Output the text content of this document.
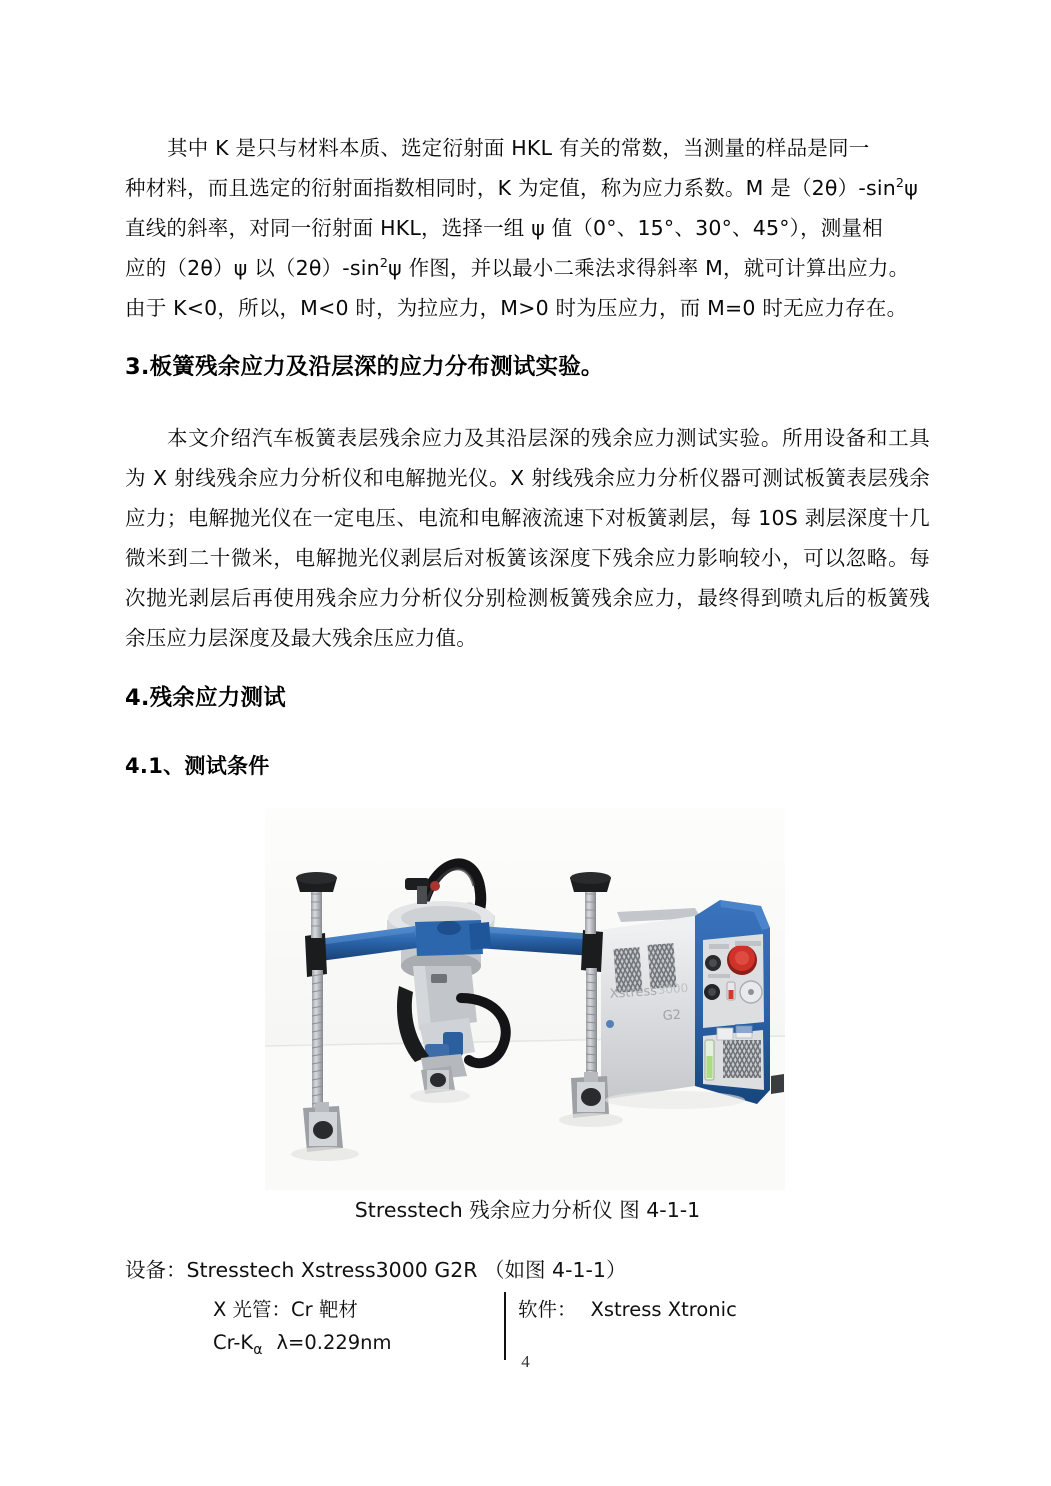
其中 K 是只与材料本质、选定衍射面 HKL 有关的常数，当测量的样品是同一

种材料，而且选定的衍射面指数相同时，K 为定值，称为应力系数。M 是$(2\theta)-\sin^2\psi$

直线的斜率，对同一衍射面 HKL，选择一组 ψ 值（0°、15°、30°、45°），测量相

应的（2θ）ψ 以$(2\theta)-\sin^2\psi$ 作图，并以最小二乘法求得斜率 M，就可计算出应力。

由于 K<0，所以，M<0 时，为拉应力，M>0 时为压应力，而 M=0 时无应力存在。

3.板簧残余应力及沿层深的应力分布测试实验。

本文介绍汽车板簧表层残余应力及其沿层深的残余应力测试实验。所用设备和工具为 X 射线残余应力分析仪和电解抛光仪。X 射线残余应力分析仪器可测试板簧表层残余应力；电解抛光仪在一定电压、电流和电解液流速下对板簧剥层，每 10S 剥层深度十几微米到二十微米，电解抛光仪剥层后对板簧该深度下残余应力影响较小，可以忽略。每次抛光剥层后再使用残余应力分析仪分别检测板簧残余应力，最终得到喷丸后的板簧残余压应力层深度及最大残余压应力值。

4.残余应力测试
4.1、测试条件
Xstress 3000
G2
Stresstech 残余应力分析仪 图 4-1-1
设备：Stresstech Xstress3000 G2R （如图 4-1-1）
X 光管：Cr 靶材
$Cr-K_\alpha$ λ=0.229nm
软件： Xstress Xtronic
4
